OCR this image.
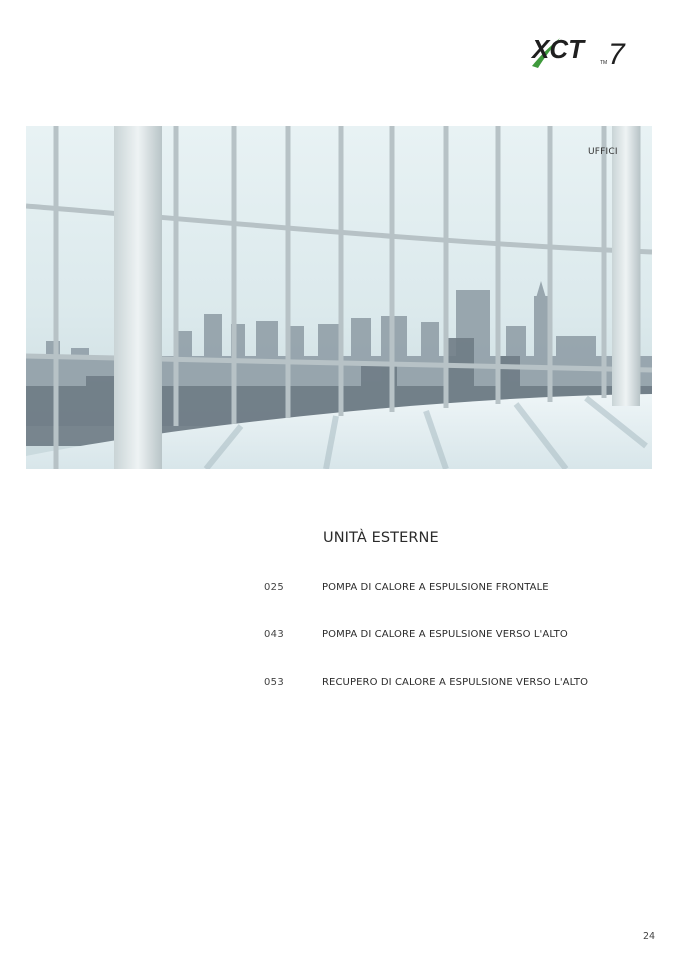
XCT	TM 7
UFFICI
UNITÀ ESTERNE
025	POMPA DI CALORE A ESPULSIONE FRONTALE
043	POMPA DI CALORE A ESPULSIONE VERSO L'ALTO
053	RECUPERO DI CALORE A ESPULSIONE VERSO L'ALTO
24
